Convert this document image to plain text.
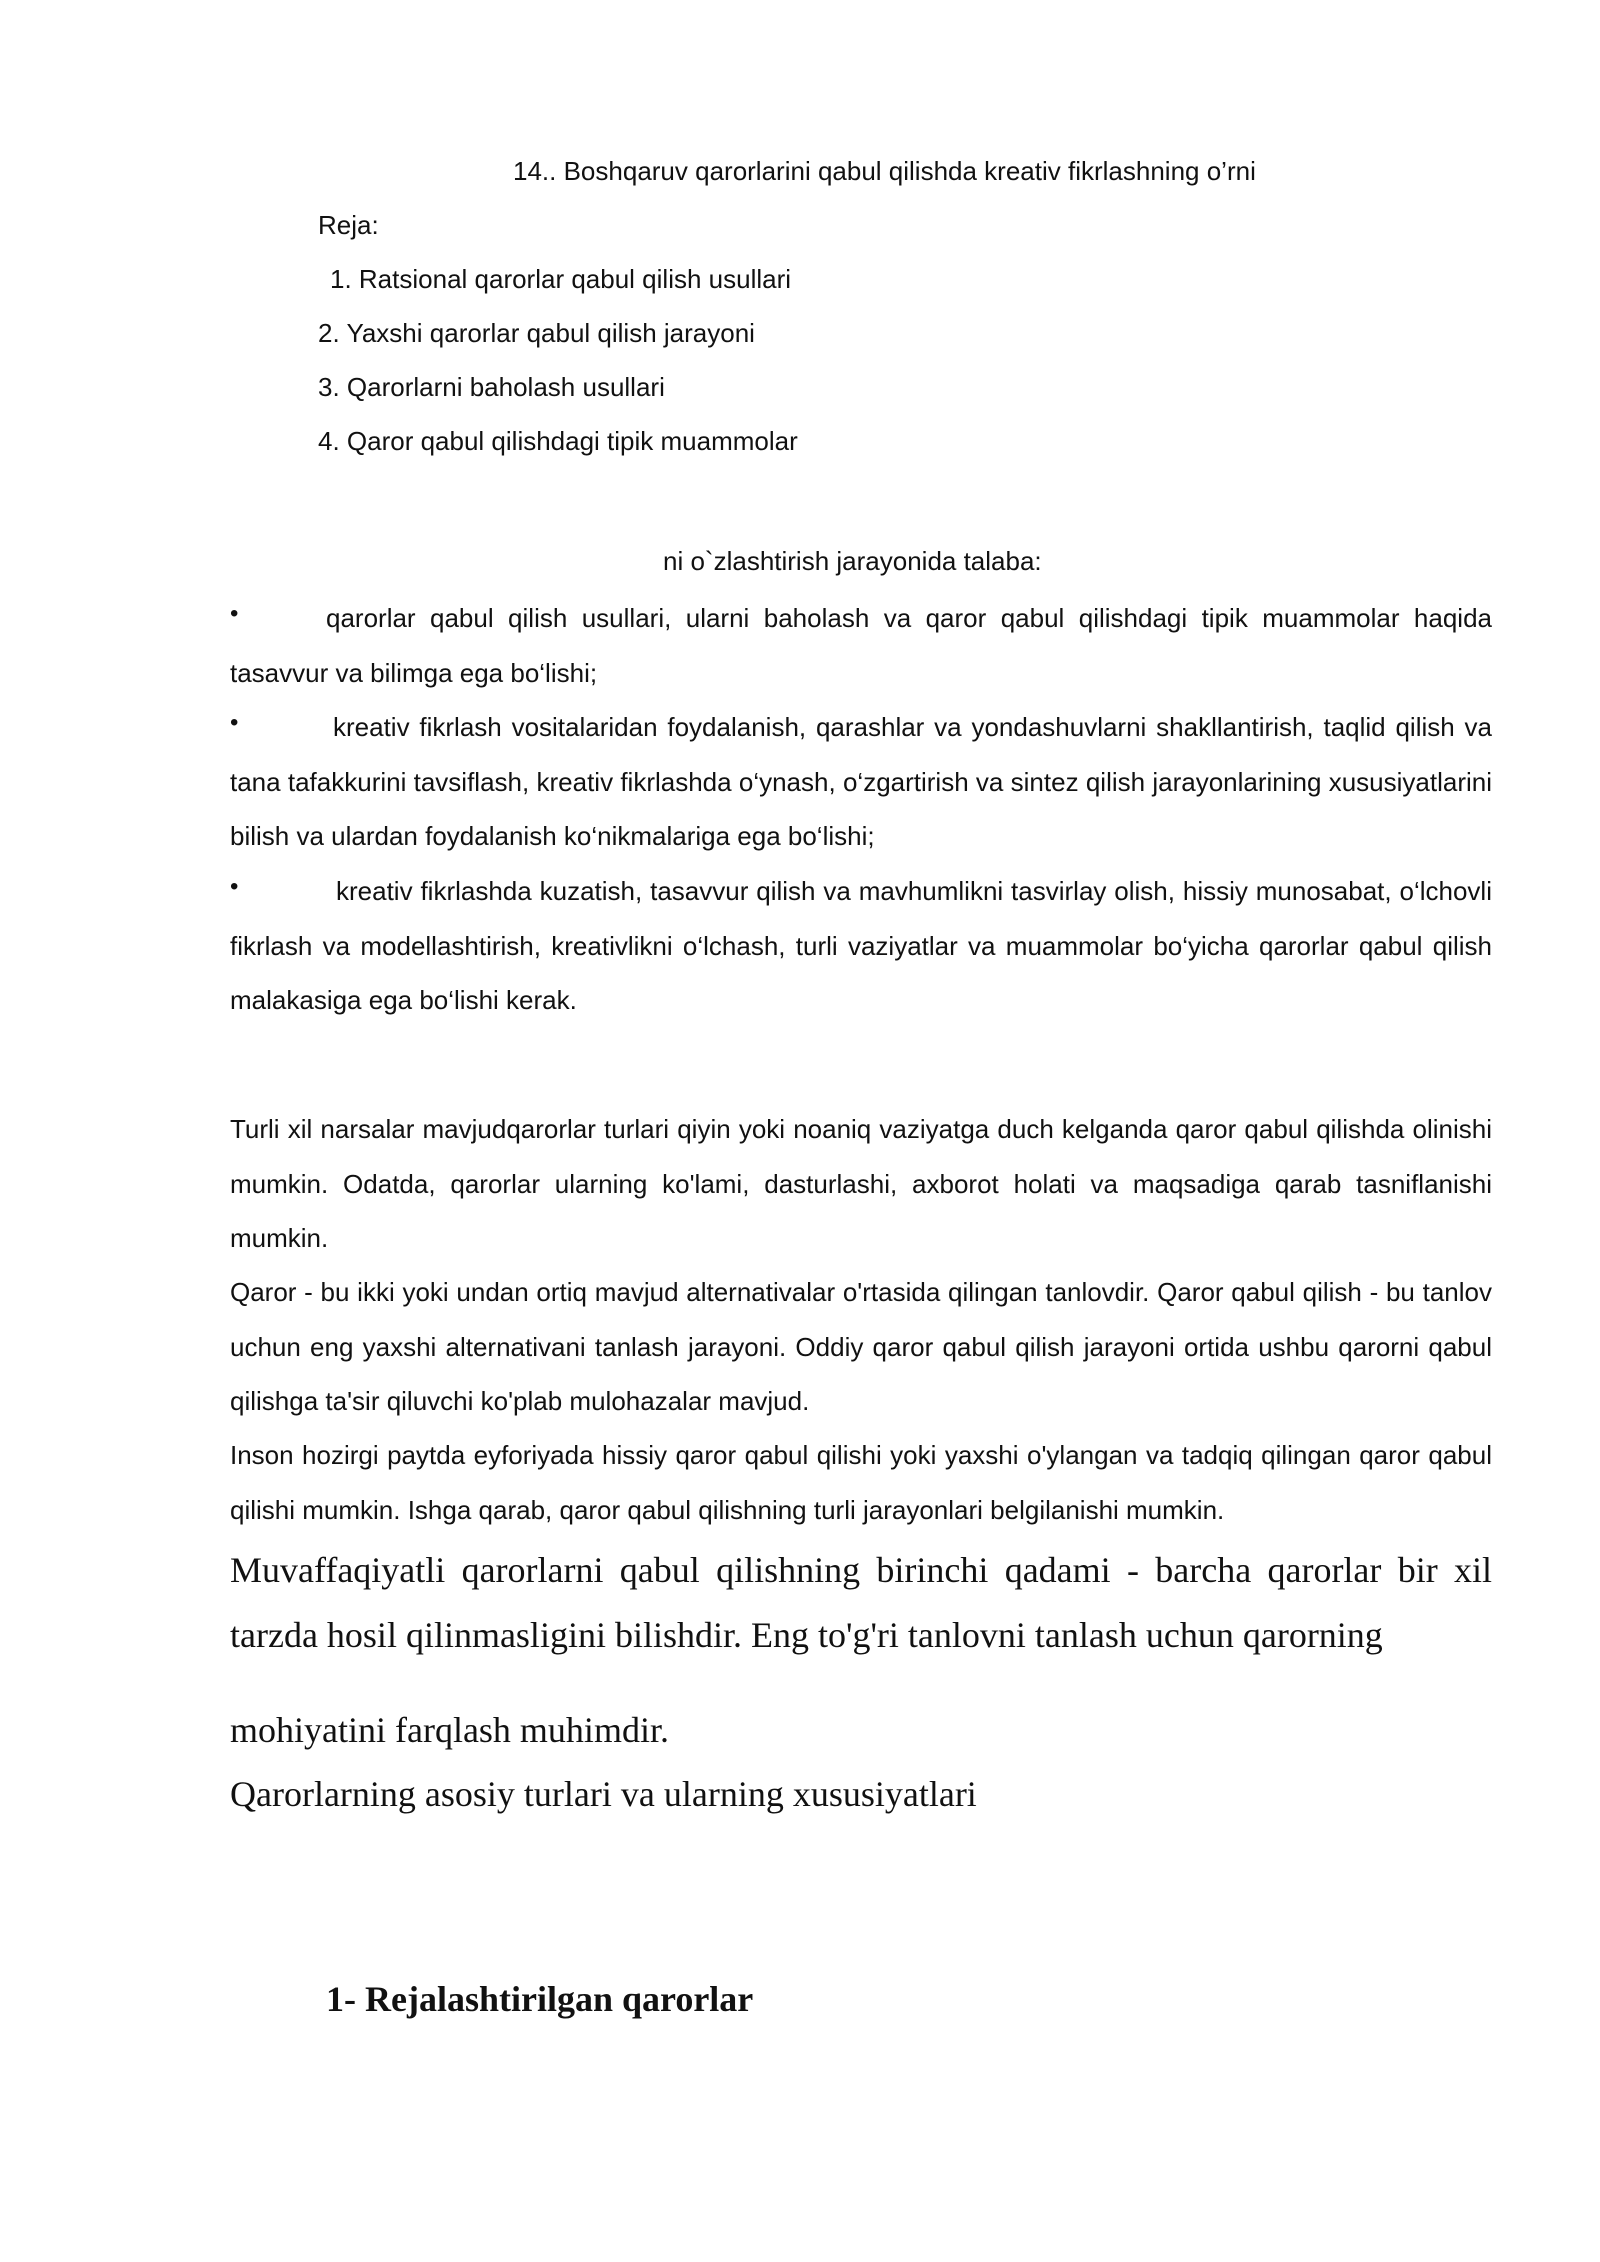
14.. Boshqaruv qarorlarini qabul qilishda kreativ fikrlashning o’rni
Reja:
1. Ratsional qarorlar qabul qilish usullari
2. Yaxshi qarorlar qabul qilish jarayoni
3. Qarorlarni baholash usullari
4. Qaror qabul qilishdagi tipik muammolar
ni o`zlashtirish jarayonida talaba:
•	qarorlar qabul qilish usullari, ularni baholash va qaror qabul qilishdagi tipik muammolar haqida tasavvur va bilimga ega bo‘lishi;
•	kreativ fikrlash vositalaridan foydalanish, qarashlar va yondashuvlarni shakllantirish, taqlid qilish va tana tafakkurini tavsiflash, kreativ fikrlashda o‘ynash, o‘zgartirish va sintez qilish jarayonlarining xususiyatlarini bilish va ulardan foydalanish ko‘nikmalariga ega bo‘lishi;
•	kreativ fikrlashda kuzatish, tasavvur qilish va mavhumlikni tasvirlay olish, hissiy munosabat, o‘lchovli fikrlash va modellashtirish, kreativlikni o‘lchash, turli vaziyatlar va muammolar bo‘yicha qarorlar qabul qilish malakasiga ega bo‘lishi kerak.
Turli xil narsalar mavjudqarorlar turlari qiyin yoki noaniq vaziyatga duch kelganda qaror qabul qilishda olinishi mumkin. Odatda, qarorlar ularning ko'lami, dasturlashi, axborot holati va maqsadiga qarab tasniflanishi mumkin.
Qaror - bu ikki yoki undan ortiq mavjud alternativalar o'rtasida qilingan tanlovdir. Qaror qabul qilish - bu tanlov uchun eng yaxshi alternativani tanlash jarayoni. Oddiy qaror qabul qilish jarayoni ortida ushbu qarorni qabul qilishga ta'sir qiluvchi ko'plab mulohazalar mavjud.
Inson hozirgi paytda eyforiyada hissiy qaror qabul qilishi yoki yaxshi o'ylangan va tadqiq qilingan qaror qabul qilishi mumkin. Ishga qarab, qaror qabul qilishning turli jarayonlari belgilanishi mumkin.
Muvaffaqiyatli qarorlarni qabul qilishning birinchi qadami - barcha qarorlar bir xil tarzda hosil qilinmasligini bilishdir. Eng to'g'ri tanlovni tanlash uchun qarorning
mohiyatini farqlash muhimdir.
Qarorlarning asosiy turlari va ularning xususiyatlari
1- Rejalashtirilgan qarorlar
